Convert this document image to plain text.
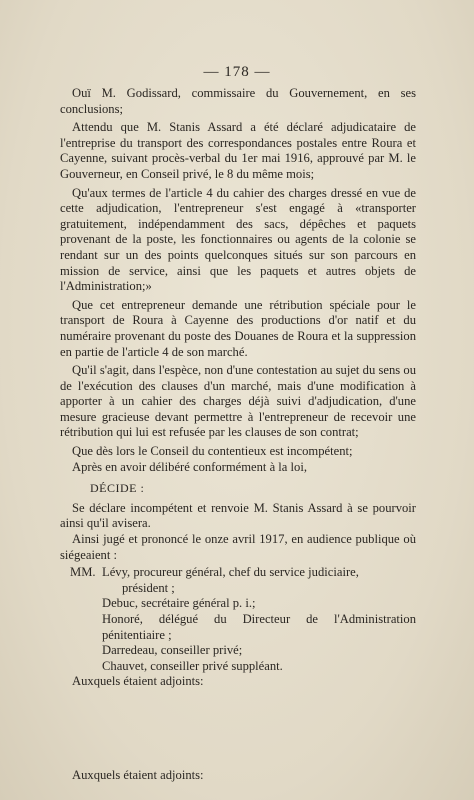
— 178 —

Ouï M. Godissard, commissaire du Gouvernement, en ses conclusions;

Attendu que M. Stanis Assard a été déclaré adjudicataire de l'entreprise du transport des correspondances postales entre Roura et Cayenne, suivant procès-verbal du 1er mai 1916, approuvé par M. le Gouverneur, en Conseil privé, le 8 du même mois;

Qu'aux termes de l'article 4 du cahier des charges dressé en vue de cette adjudication, l'entrepreneur s'est engagé à «transporter gratuitement, indépendamment des sacs, dépêches et paquets provenant de la poste, les fonctionnaires ou agents de la colonie se rendant sur un des points quelconques situés sur son parcours en mission de service, ainsi que les paquets et autres objets de l'Administration;»

Que cet entrepreneur demande une rétribution spéciale pour le transport de Roura à Cayenne des productions d'or natif et du numéraire provenant du poste des Douanes de Roura et la suppression en partie de l'article 4 de son marché.

Qu'il s'agit, dans l'espèce, non d'une contestation au sujet du sens ou de l'exécution des clauses d'un marché, mais d'une modification à apporter à un cahier des charges déjà suivi d'adjudication, d'une mesure gracieuse devant permettre à l'entrepreneur de recevoir une rétribution qui lui est refusée par les clauses de son contrat;

Que dès lors le Conseil du contentieux est incompétent;

Après en avoir délibéré conformément à la loi,

DÉCIDE :

Se déclare incompétent et renvoie M. Stanis Assard à se pourvoir ainsi qu'il avisera.

Ainsi jugé et prononcé le onze avril 1917, en audience publique où siégeaient :

MM. Lévy, procureur général, chef du service judiciaire,
président ;
Debuc, secrétaire général p. i.;
Honoré, délégué du Directeur de l'Administration pénitentiaire ;
Darredeau, conseiller privé;
Chauvet, conseiller privé suppléant.

Auxquels étaient adjoints:

Auxquels étaient adjoints:
